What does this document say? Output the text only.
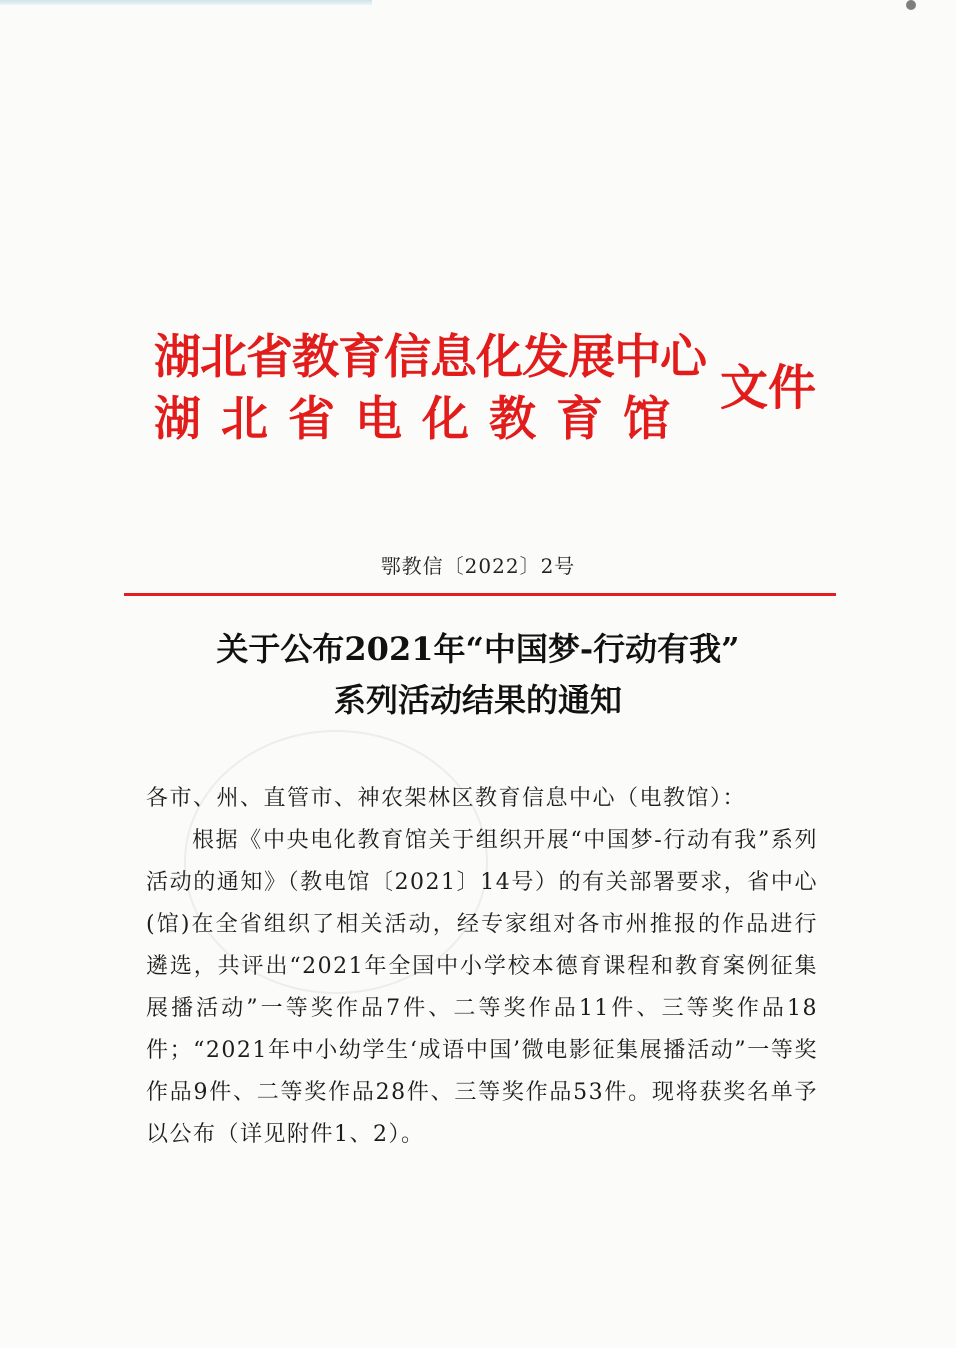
湖北省教育信息化发展中心
湖北省电化教育馆
文件
鄂教信〔2022〕2号
关于公布2021年“中国梦-行动有我”
系列活动结果的通知

各市、州、直管市、神农架林区教育信息中心（电教馆）：

根据《中央电化教育馆关于组织开展“中国梦-行动有我”系列活动的通知》（教电馆〔2021〕14号）的有关部署要求，省中心(馆)在全省组织了相关活动，经专家组对各市州推报的作品进行遴选，共评出“2021年全国中小学校本德育课程和教育案例征集展播活动”一等奖作品7件、二等奖作品11件、三等奖作品18件；“2021年中小幼学生‘成语中国’微电影征集展播活动”一等奖作品9件、二等奖作品28件、三等奖作品53件。现将获奖名单予以公布（详见附件1、2）。
